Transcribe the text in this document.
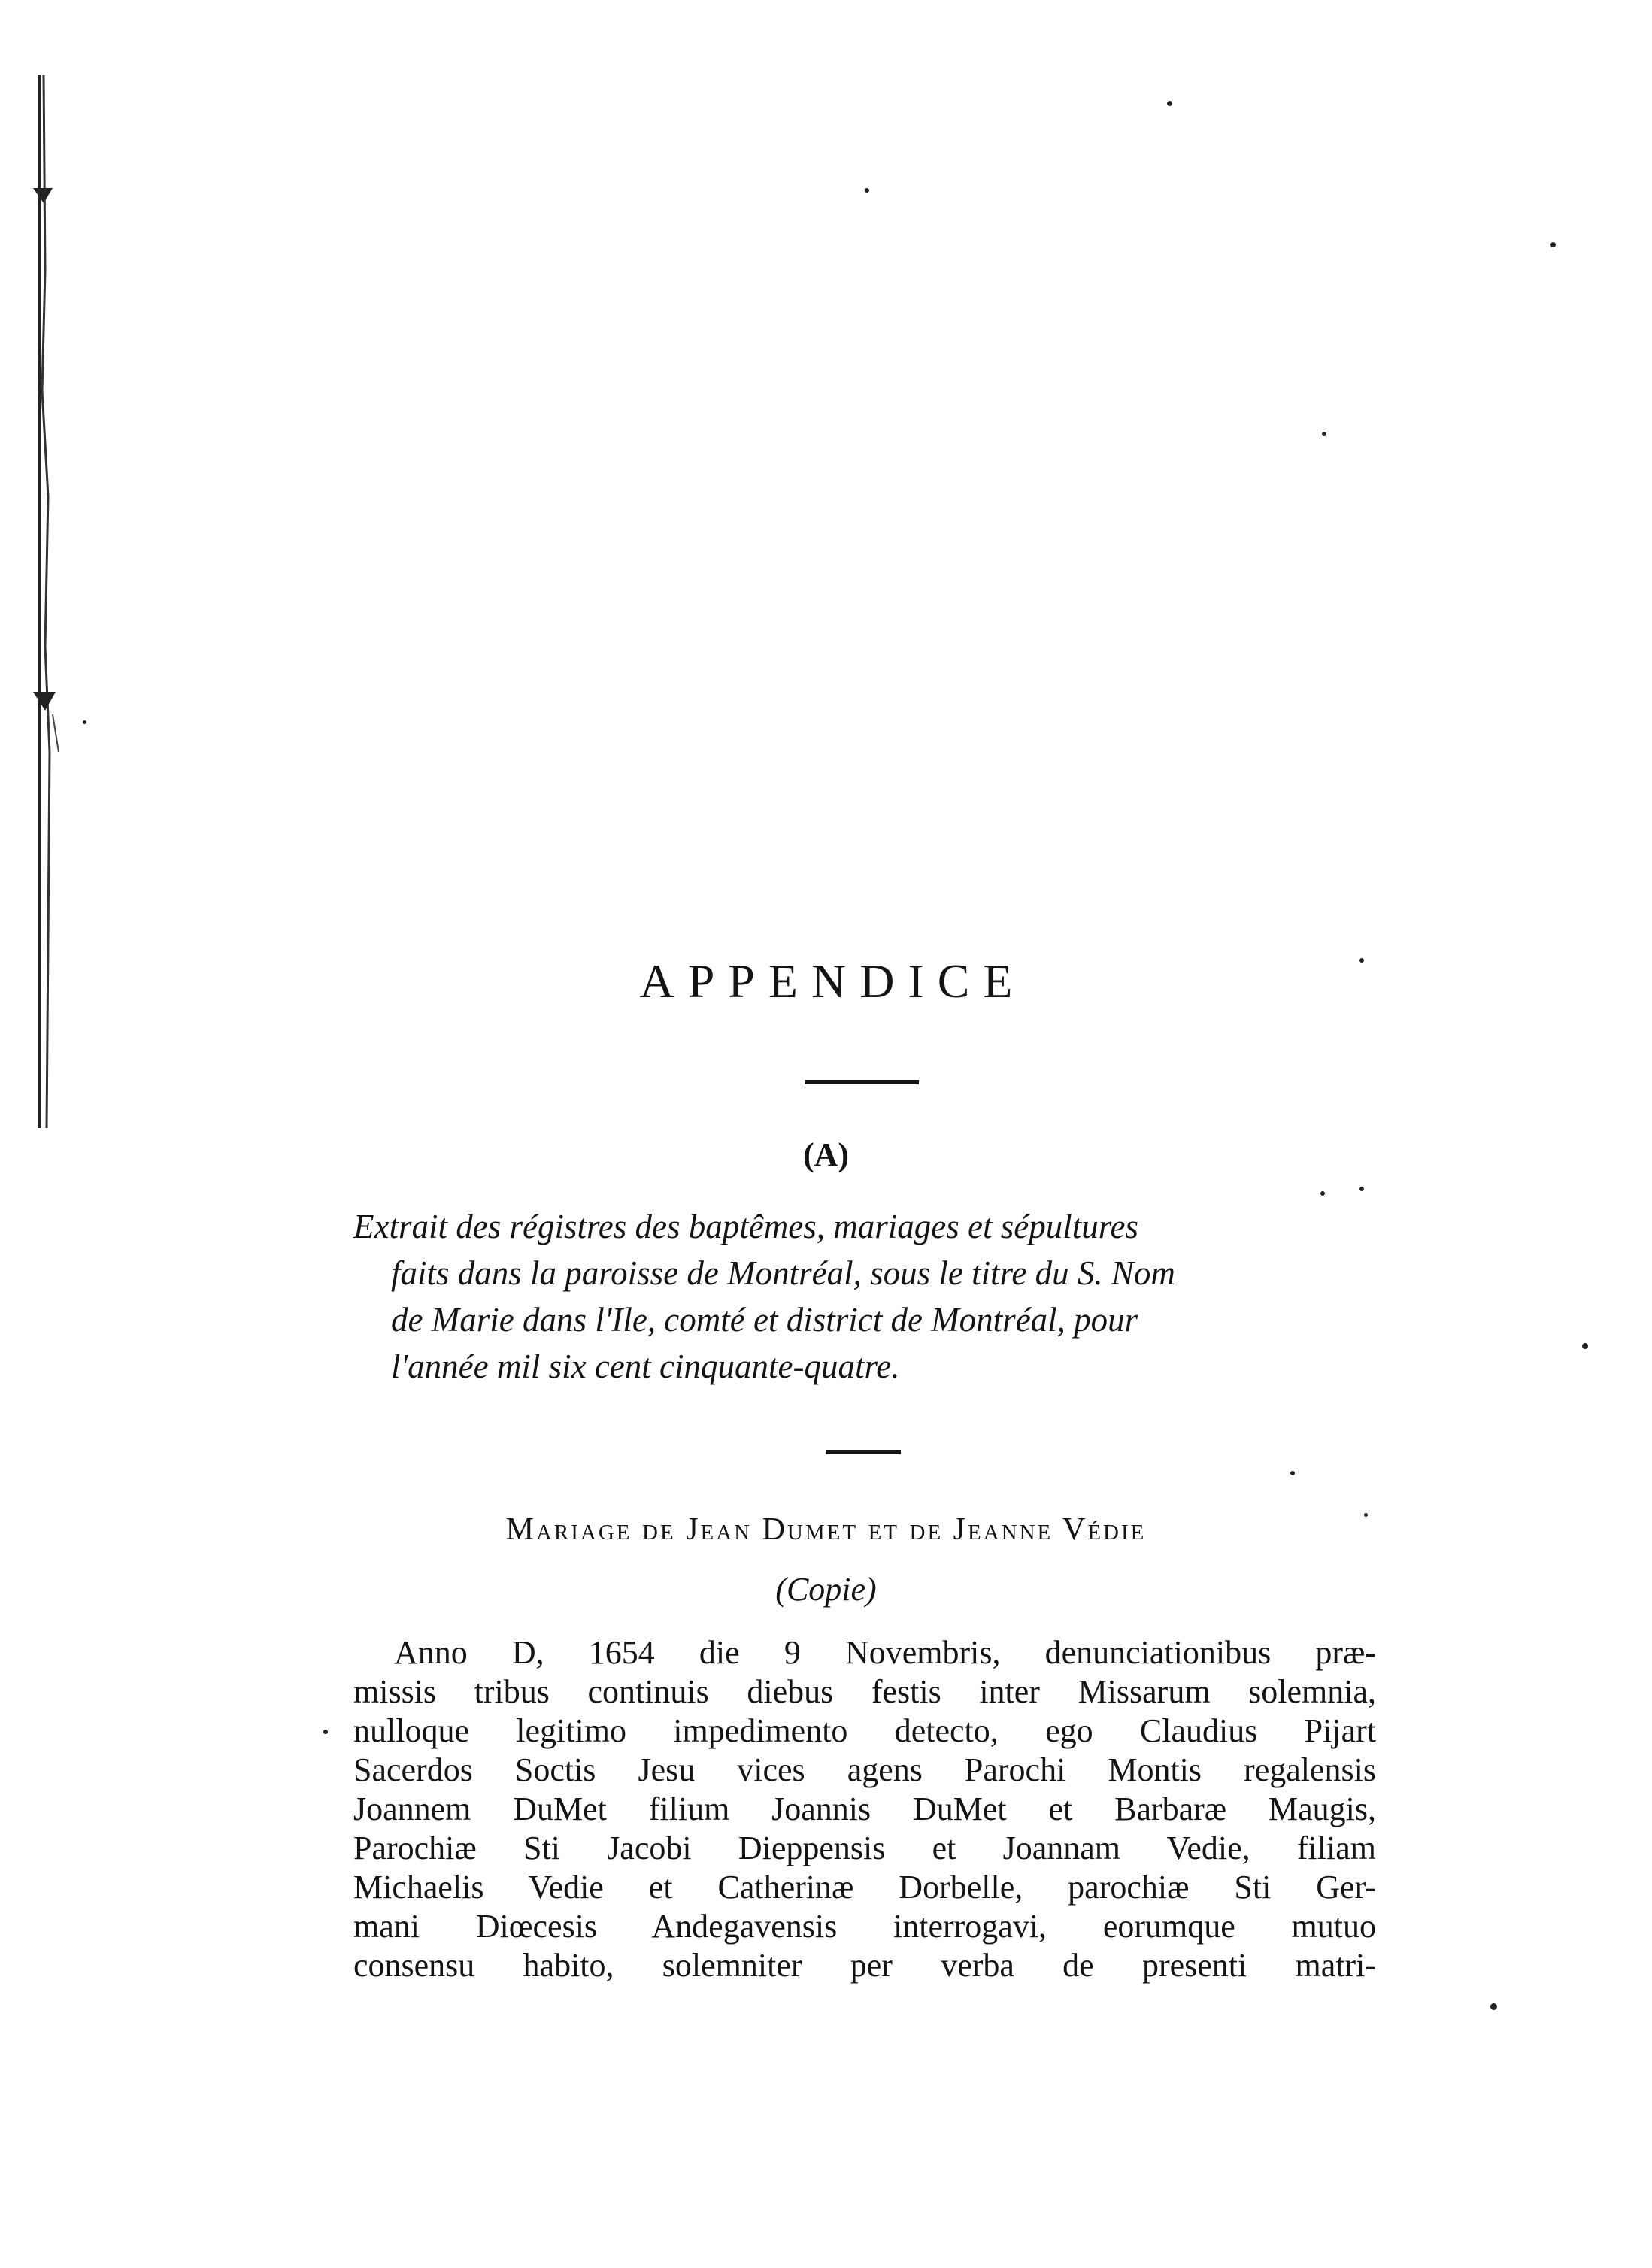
APPENDICE
(A)

Extrait des régistres des baptêmes, mariages et sépultures
faits dans la paroisse de Montréal, sous le titre du S. Nom
de Marie dans l'Ile, comté et district de Montréal, pour
l'année mil six cent cinquante-quatre.

Mariage de Jean Dumet et de Jeanne Védie
(Copie)

Anno D, 1654 die 9 Novembris, denunciationibus præ-
missis tribus continuis diebus festis inter Missarum solemnia,
nulloque legitimo impedimento detecto, ego Claudius Pijart
Sacerdos Soctis Jesu vices agens Parochi Montis regalensis
Joannem DuMet filium Joannis DuMet et Barbaræ Maugis,
Parochiæ Sti Jacobi Dieppensis et Joannam Vedie, filiam
Michaelis Vedie et Catherinæ Dorbelle, parochiæ Sti Ger-
mani Diœcesis Andegavensis interrogavi, eorumque mutuo
consensu habito, solemniter per verba de presenti matri-
